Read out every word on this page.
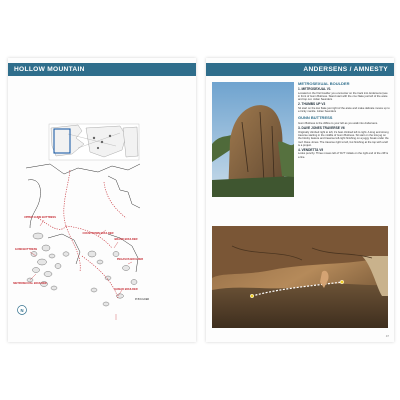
HOLLOW MOUNTAIN
UPPER GUNN BUTTRESS
COUNTDOWN BOULDER
BRAND BOULDER
GUNN BUTTRESS
PEGASUS BOULDER
METROSEXUAL BOULDER
GONAD BOULDER
Pi BOULDER
N
ANDERSENS / AMNESTY
METROSEXUAL BOULDER
1. METROSEXUAL V1
Located on the first boulder you encounter on the track into Andersens (see in front of Gunn Buttress. Stand start with the crux flake just left of the arete and top out. Julian Saunders
2. THUMBS UP V3
Sit start on the low flake just right of the arete and make delicate moves up to a tricky mantle. Julian Saunders
GUNN BUTTRESS
Gunn Buttress is the clifline to your left as you walk into Andersens.
3. DAVE JONES TRAVERSE V6
Originally climbed right to left, it's best climbed left to right. A long and strong traverse starting in the middle of Gunn Buttress. Sit start on the low jug on the blocky feature and traverse left-right finishing on a juggy break under the roof. Dave Jones. The traverse right to left, but finishing at the top with a left is a project.
4. VENDETTA V9
Looks punchy. Three moves left of 'DJT' initials on the right end of the cliff is a line.
47
